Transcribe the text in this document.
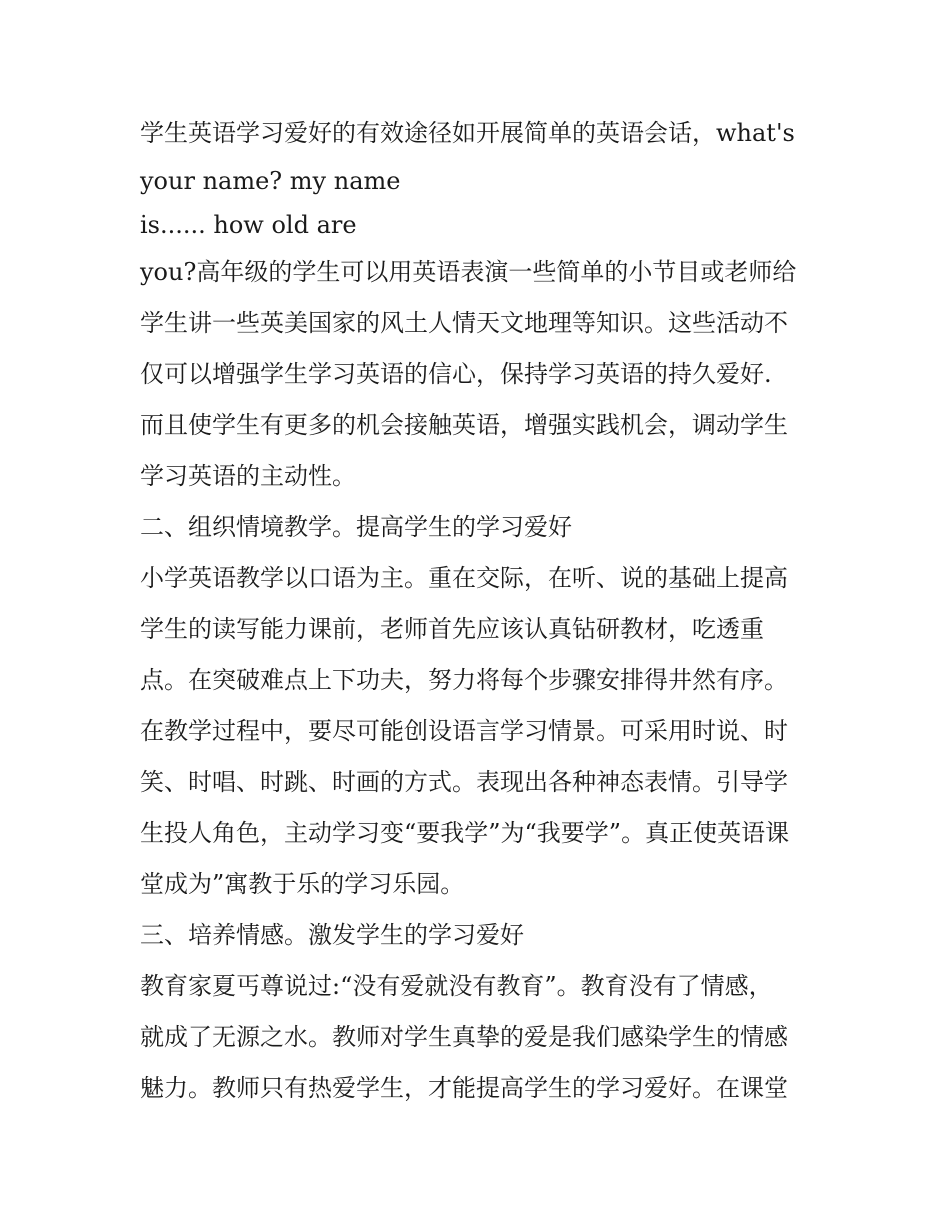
学生英语学习爱好的有效途径如开展简单的英语会话，what's
your name? my name
is...... how old are
you?高年级的学生可以用英语表演一些简单的小节目或老师给
学生讲一些英美国家的风土人情天文地理等知识。这些活动不
仅可以增强学生学习英语的信心，保持学习英语的持久爱好.
而且使学生有更多的机会接触英语，增强实践机会，调动学生
学习英语的主动性。
二、组织情境教学。提高学生的学习爱好
小学英语教学以口语为主。重在交际，在听、说的基础上提高
学生的读写能力课前，老师首先应该认真钻研教材，吃透重
点。在突破难点上下功夫，努力将每个步骤安排得井然有序。
在教学过程中，要尽可能创设语言学习情景。可采用时说、时
笑、时唱、时跳、时画的方式。表现出各种神态表情。引导学
生投人角色，主动学习变“要我学”为“我要学”。真正使英语课
堂成为”寓教于乐的学习乐园。
三、培养情感。激发学生的学习爱好
教育家夏丐尊说过:“没有爱就没有教育”。教育没有了情感，
就成了无源之水。教师对学生真挚的爱是我们感染学生的情感
魅力。教师只有热爱学生，才能提高学生的学习爱好。在课堂
